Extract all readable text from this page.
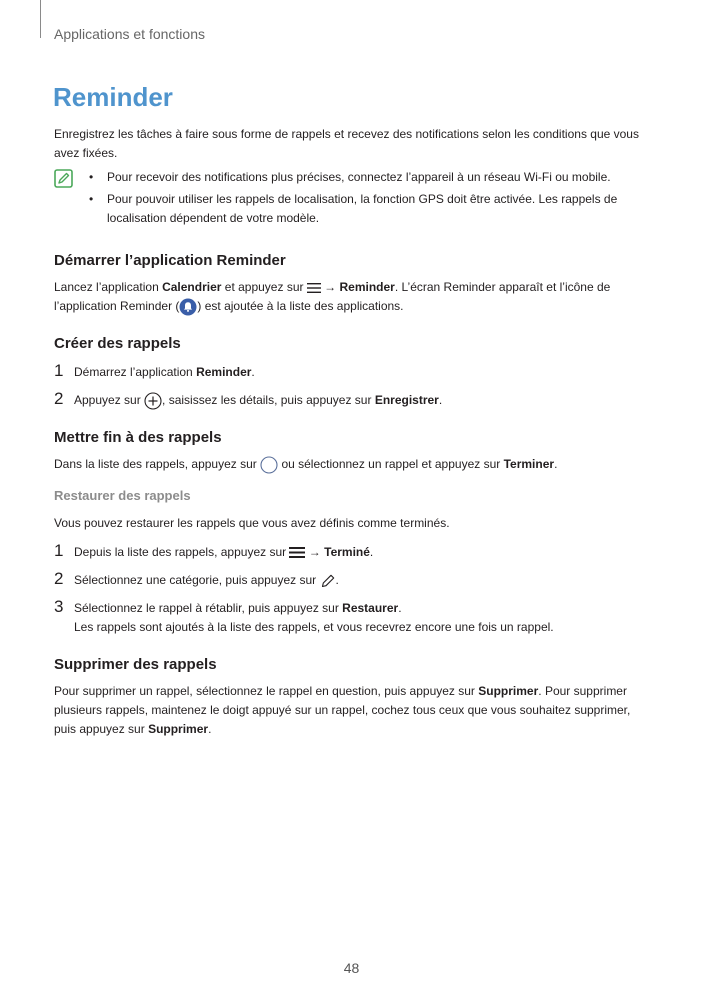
Applications et fonctions
Reminder

Enregistrez les tâches à faire sous forme de rappels et recevez des notifications selon les conditions que vous avez fixées.

• Pour recevoir des notifications plus précises, connectez l’appareil à un réseau Wi-Fi ou mobile.
• Pour pouvoir utiliser les rappels de localisation, la fonction GPS doit être activée. Les rappels de localisation dépendent de votre modèle.
Démarrer l’application Reminder

Lancez l’application Calendrier et appuyez sur  → Reminder. L’écran Reminder apparaît et l’icône de l’application Reminder ( ) est ajoutée à la liste des applications.

Créer des rappels
1 Démarrez l’application Reminder.
2 Appuyez sur , saisissez les détails, puis appuyez sur Enregistrer.
Mettre fin à des rappels

Dans la liste des rappels, appuyez sur  ou sélectionnez un rappel et appuyez sur Terminer.

Restaurer des rappels

Vous pouvez restaurer les rappels que vous avez définis comme terminés.

1 Depuis la liste des rappels, appuyez sur  → Terminé.
2 Sélectionnez une catégorie, puis appuyez sur .
3 Sélectionnez le rappel à rétablir, puis appuyez sur Restaurer.
Les rappels sont ajoutés à la liste des rappels, et vous recevrez encore une fois un rappel.
Supprimer des rappels

Pour supprimer un rappel, sélectionnez le rappel en question, puis appuyez sur Supprimer. Pour supprimer plusieurs rappels, maintenez le doigt appuyé sur un rappel, cochez tous ceux que vous souhaitez supprimer, puis appuyez sur Supprimer.

48
